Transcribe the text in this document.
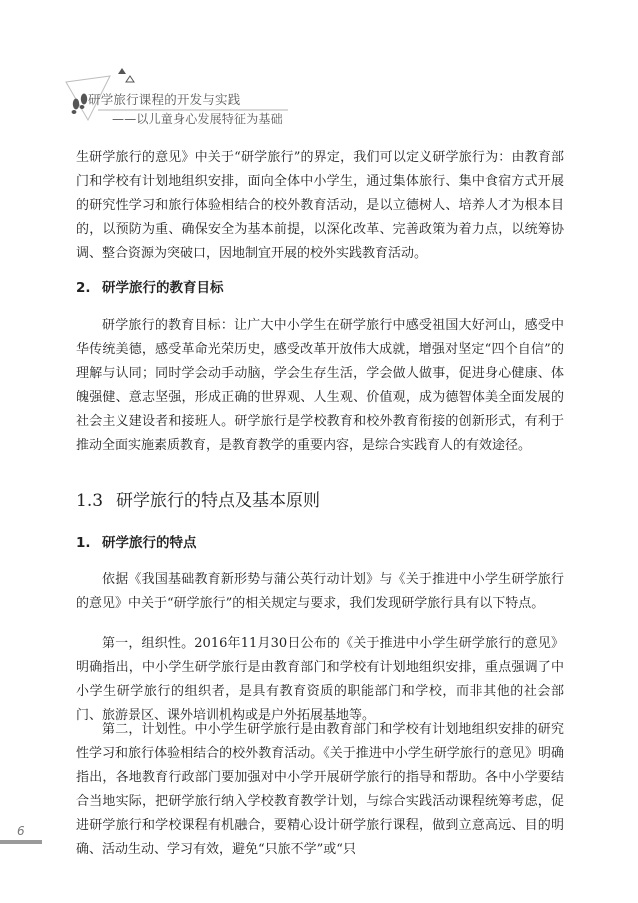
研学旅行课程的开发与实践
——以儿童身心发展特征为基础

生研学旅行的意见》中关于“研学旅行”的界定，我们可以定义研学旅行为：由教育部门和学校有计划地组织安排，面向全体中小学生，通过集体旅行、集中食宿方式开展的研究性学习和旅行体验相结合的校外教育活动，是以立德树人、培养人才为根本目的，以预防为重、确保安全为基本前提，以深化改革、完善政策为着力点，以统筹协调、整合资源为突破口，因地制宜开展的校外实践教育活动。

2. 研学旅行的教育目标

研学旅行的教育目标：让广大中小学生在研学旅行中感受祖国大好河山，感受中华传统美德，感受革命光荣历史，感受改革开放伟大成就，增强对坚定“四个自信”的理解与认同；同时学会动手动脑，学会生存生活，学会做人做事，促进身心健康、体魄强健、意志坚强，形成正确的世界观、人生观、价值观，成为德智体美全面发展的社会主义建设者和接班人。研学旅行是学校教育和校外教育衔接的创新形式，有利于推动全面实施素质教育，是教育教学的重要内容，是综合实践育人的有效途径。

1.3 研学旅行的特点及基本原则
1. 研学旅行的特点

依据《我国基础教育新形势与蒲公英行动计划》与《关于推进中小学生研学旅行的意见》中关于“研学旅行”的相关规定与要求，我们发现研学旅行具有以下特点。

第一，组织性。2016年11月30日公布的《关于推进中小学生研学旅行的意见》明确指出，中小学生研学旅行是由教育部门和学校有计划地组织安排，重点强调了中小学生研学旅行的组织者，是具有教育资质的职能部门和学校，而非其他的社会部门、旅游景区、课外培训机构或是户外拓展基地等。

第二，计划性。中小学生研学旅行是由教育部门和学校有计划地组织安排的研究性学习和旅行体验相结合的校外教育活动。《关于推进中小学生研学旅行的意见》明确指出，各地教育行政部门要加强对中小学开展研学旅行的指导和帮助。各中小学要结合当地实际，把研学旅行纳入学校教育教学计划，与综合实践活动课程统筹考虑，促进研学旅行和学校课程有机融合，要精心设计研学旅行课程，做到立意高远、目的明确、活动生动、学习有效，避免“只旅不学”或“只

6
